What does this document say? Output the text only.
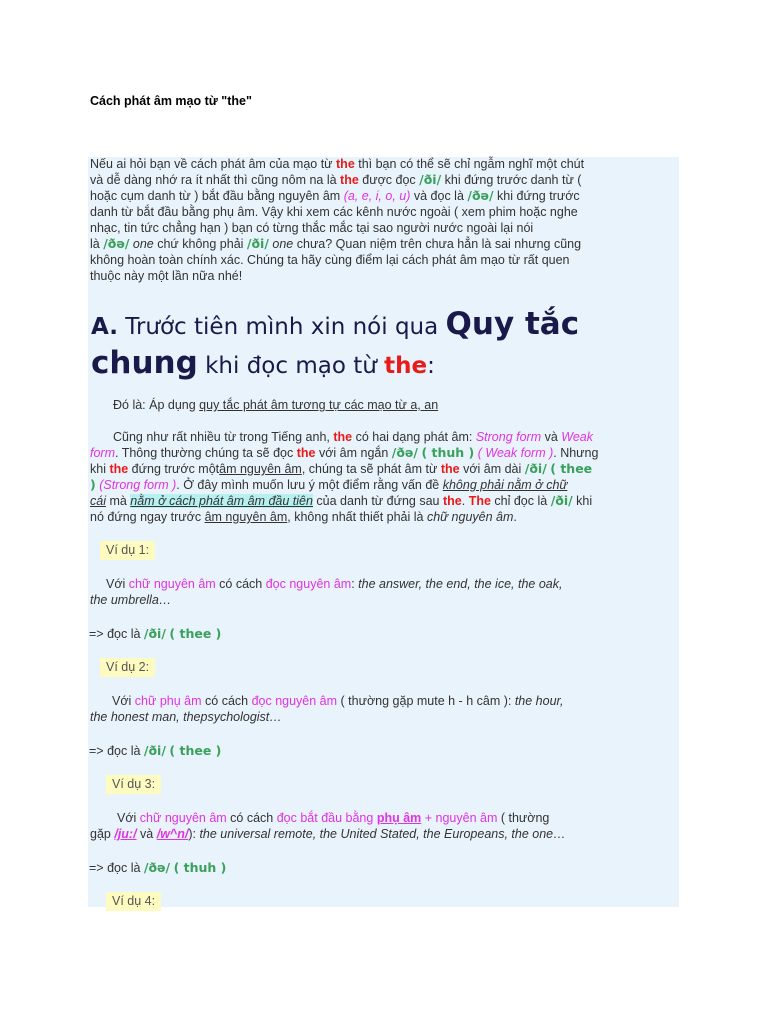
Cách phát âm mạo từ "the"
Nếu ai hỏi bạn về cách phát âm của mạo từ the thì bạn có thể sẽ chỉ ngẫm nghĩ một chút
và dễ dàng nhớ ra ít nhất thì cũng nôm na là the được đọc /ði/ khi đứng trước danh từ (
hoặc cụm danh từ ) bắt đầu bằng nguyên âm (a, e, i, o, u) và đọc là /ðə/ khi đứng trước
danh từ bắt đầu bằng phụ âm. Vậy khi xem các kênh nước ngoài ( xem phim hoặc nghe
nhạc, tin tức chẳng hạn ) bạn có từng thắc mắc tại sao người nước ngoài lại nói
là /ðə/ one chứ không phải /ði/ one chưa? Quan niệm trên chưa hẳn là sai nhưng cũng
không hoàn toàn chính xác. Chúng ta hãy cùng điểm lại cách phát âm mạo từ rất quen
thuộc này một lần nữa nhé!
A. Trước tiên mình xin nói qua Quy tắc
chung khi đọc mạo từ the:
Đó là: Áp dụng quy tắc phát âm tương tự các mạo từ a, an
Cũng như rất nhiều từ trong Tiếng anh, the có hai dạng phát âm: Strong form và Weak
form. Thông thường chúng ta sẽ đọc the với âm ngắn /ðə/ ( thuh ) ( Weak form ). Nhưng
khi the đứng trước mộtâm nguyên âm, chúng ta sẽ phát âm từ the với âm dài /ði/ ( thee
) (Strong form ). Ở đây mình muốn lưu ý một điểm rằng vấn đề không phải nằm ở chữ
cái mà nằm ở cách phát âm âm đầu tiên của danh từ đứng sau the. The chỉ đọc là /ði/ khi
nó đứng ngay trước âm nguyên âm, không nhất thiết phải là chữ nguyên âm.
Ví dụ 1:
Với chữ nguyên âm có cách đọc nguyên âm: the answer, the end, the ice, the oak,
the umbrella…
=> đọc là /ði/ ( thee )
Ví dụ 2:
Với chữ phụ âm có cách đọc nguyên âm ( thường gặp mute h - h câm ): the hour,
the honest man, thepsychologist…
=> đọc là /ði/ ( thee )
Ví dụ 3:
Với chữ nguyên âm có cách đọc bắt đầu bằng phụ âm + nguyên âm ( thường
gặp /ju:/ và /w^n/): the universal remote, the United Stated, the Europeans, the one…
=> đọc là /ðə/ ( thuh )
Ví dụ 4:
